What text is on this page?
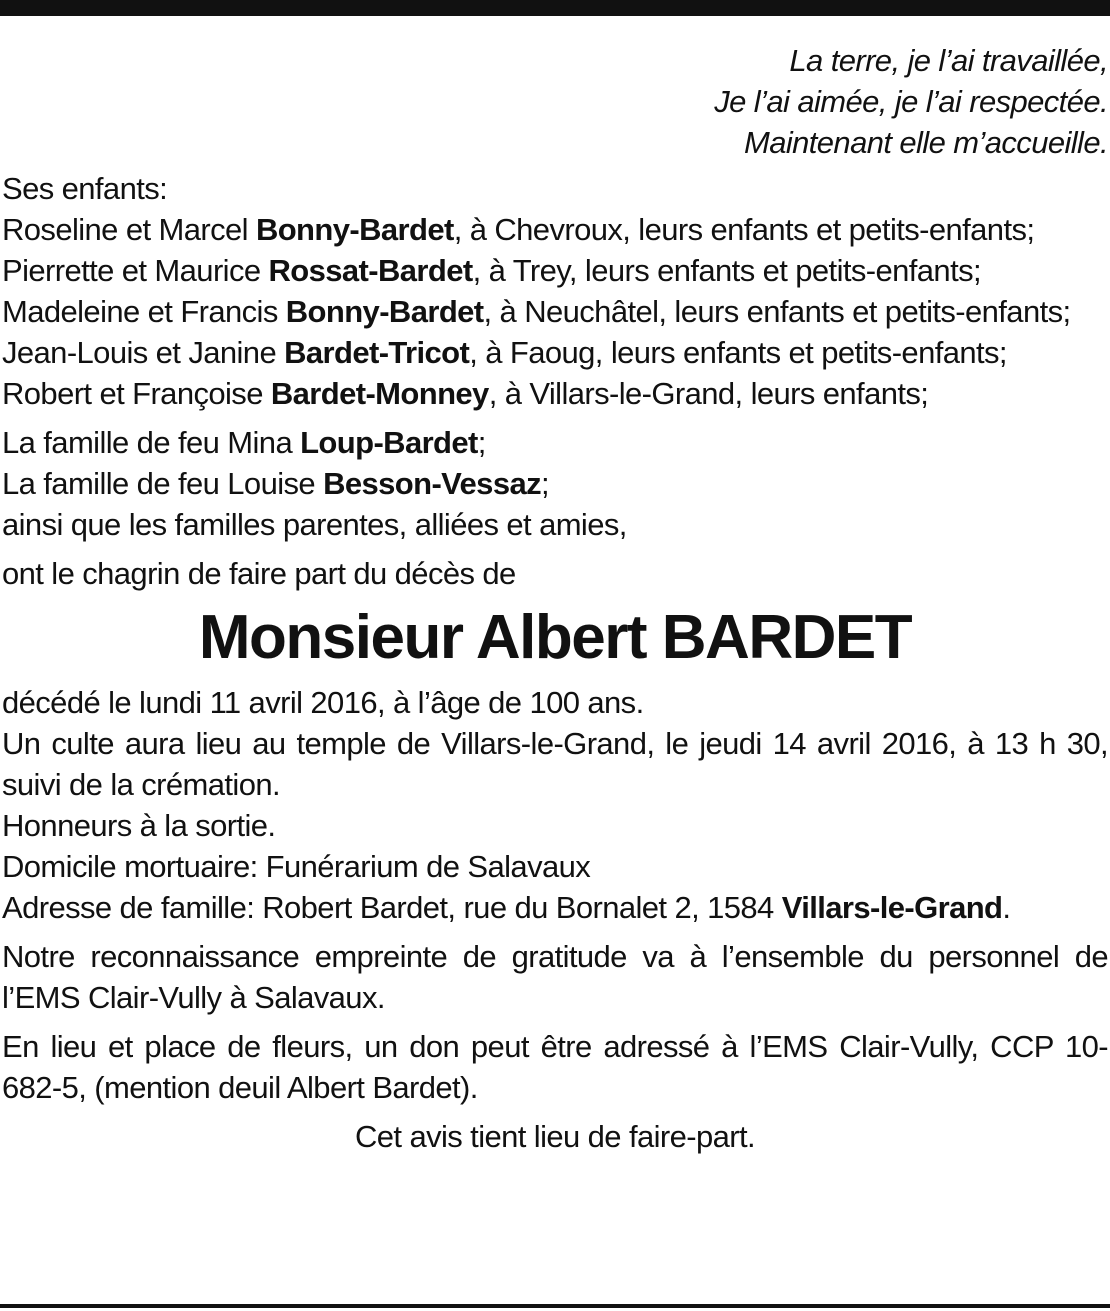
La terre, je l’ai travaillée,
Je l’ai aimée, je l’ai respectée.
Maintenant elle m’accueille.

Ses enfants:

Roseline et Marcel Bonny-Bardet, à Chevroux, leurs enfants et petits-enfants;

Pierrette et Maurice Rossat-Bardet, à Trey, leurs enfants et petits-enfants;

Madeleine et Francis Bonny-Bardet, à Neuchâtel, leurs enfants et petits-enfants;

Jean-Louis et Janine Bardet-Tricot, à Faoug, leurs enfants et petits-enfants;

Robert et Françoise Bardet-Monney, à Villars-le-Grand, leurs enfants;

La famille de feu Mina Loup-Bardet;

La famille de feu Louise Besson-Vessaz;

ainsi que les familles parentes, alliées et amies,

ont le chagrin de faire part du décès de

Monsieur Albert BARDET

décédé le lundi 11 avril 2016, à l’âge de 100 ans.

Un culte aura lieu au temple de Villars-le-Grand, le jeudi 14 avril 2016, à 13 h 30, suivi de la crémation.

Honneurs à la sortie.

Domicile mortuaire: Funérarium de Salavaux

Adresse de famille: Robert Bardet, rue du Bornalet 2, 1584 Villars-le-Grand.

Notre reconnaissance empreinte de gratitude va à l’ensemble du personnel de l’EMS Clair-Vully à Salavaux.

En lieu et place de fleurs, un don peut être adressé à l’EMS Clair-Vully, CCP 10-682-5, (mention deuil Albert Bardet).

Cet avis tient lieu de faire-part.
